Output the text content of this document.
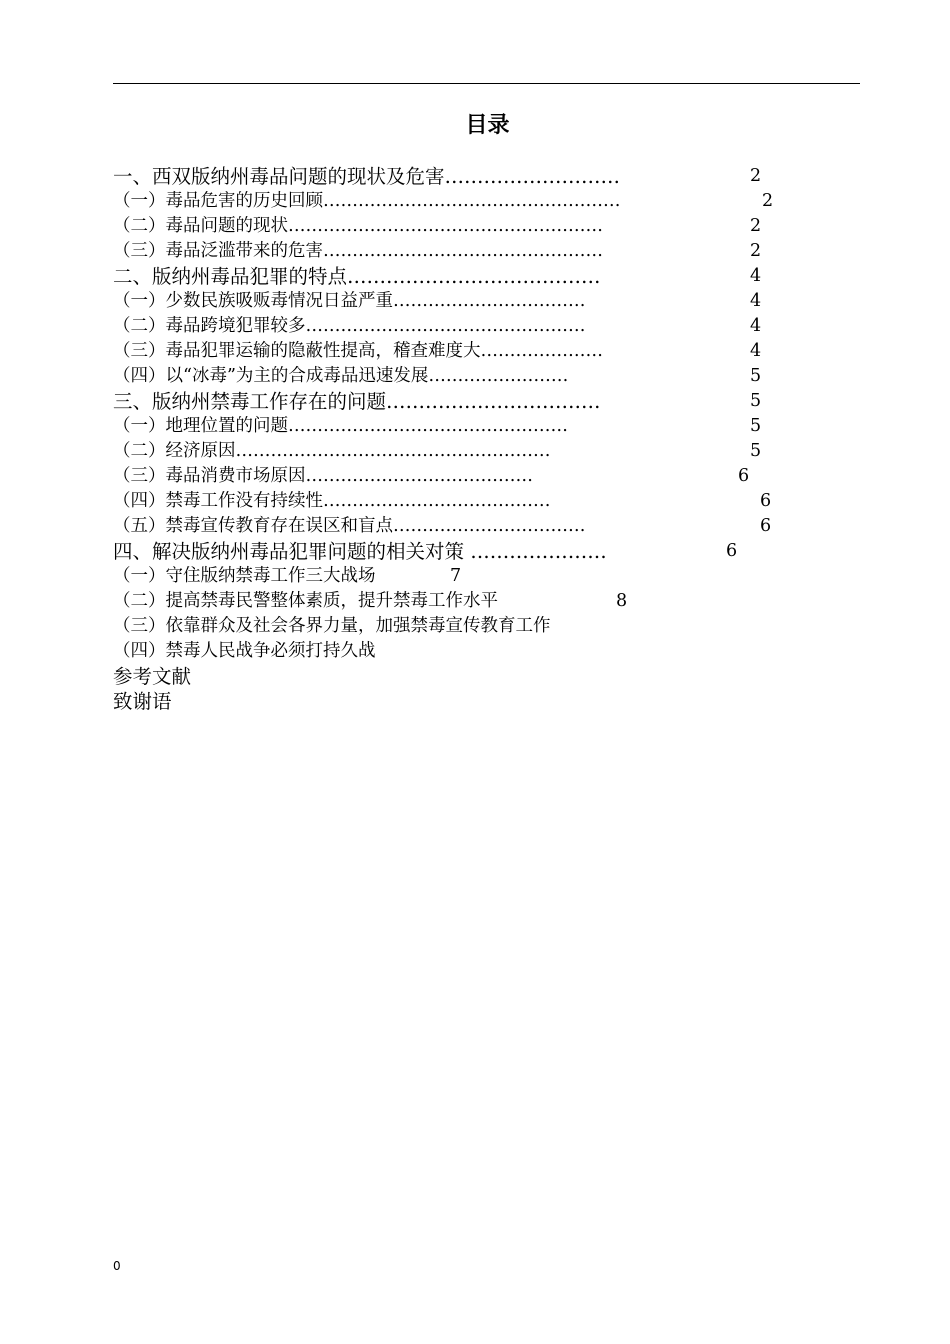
目录
一、西双版纳州毒品问题的现状及危害………………………	2
（一）毒品危害的历史回顾……………………………………………	2
（二）毒品问题的现状………………………………………………	2
（三）毒品泛滥带来的危害…………………………………………	2
二、版纳州毒品犯罪的特点…………………………………	4
（一）少数民族吸贩毒情况日益严重……………………………	4
（二）毒品跨境犯罪较多…………………………………………	4
（三）毒品犯罪运输的隐蔽性提高，稽查难度大…………………	4
（四）以“冰毒”为主的合成毒品迅速发展……………………	5
三、版纳州禁毒工作存在的问题……………………………	5
（一）地理位置的问题…………………………………………	5
（二）经济原因………………………………………………	5
（三）毒品消费市场原因…………………………………	6
（四）禁毒工作没有持续性…………………………………	6
（五）禁毒宣传教育存在误区和盲点……………………………	6
四、解决版纳州毒品犯罪问题的相关对策 …………………	6
（一）守住版纳禁毒工作三大战场	7
（二）提高禁毒民警整体素质，提升禁毒工作水平	8
（三）依靠群众及社会各界力量，加强禁毒宣传教育工作
（四）禁毒人民战争必须打持久战
参考文献
致谢语
0
